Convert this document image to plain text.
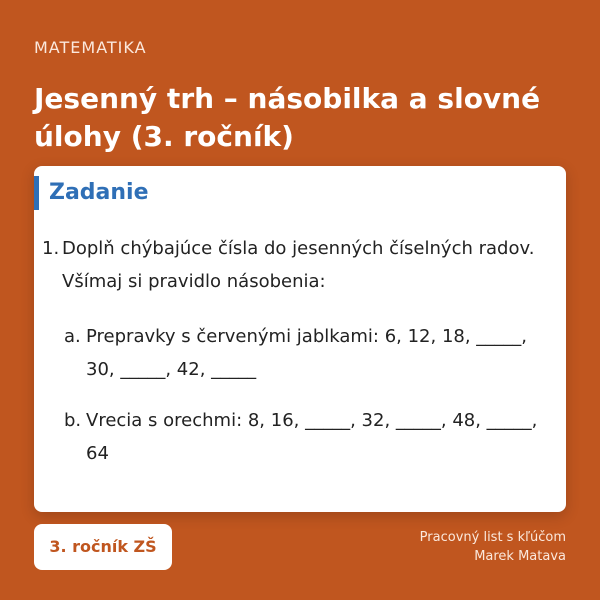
MATEMATIKA
Jesenný trh – násobilka a slovné úlohy (3. ročník)
Zadanie
1. Doplň chýbajúce čísla do jesenných číselných radov. Všímaj si pravidlo násobenia:
a. Prepravky s červenými jablkami: 6, 12, 18, _____, 30, _____, 42, _____
b. Vrecia s orechmi: 8, 16, _____, 32, _____, 48, _____, 64
3. ročník ZŠ	Pracovný list s kľúčom
Marek Matava
